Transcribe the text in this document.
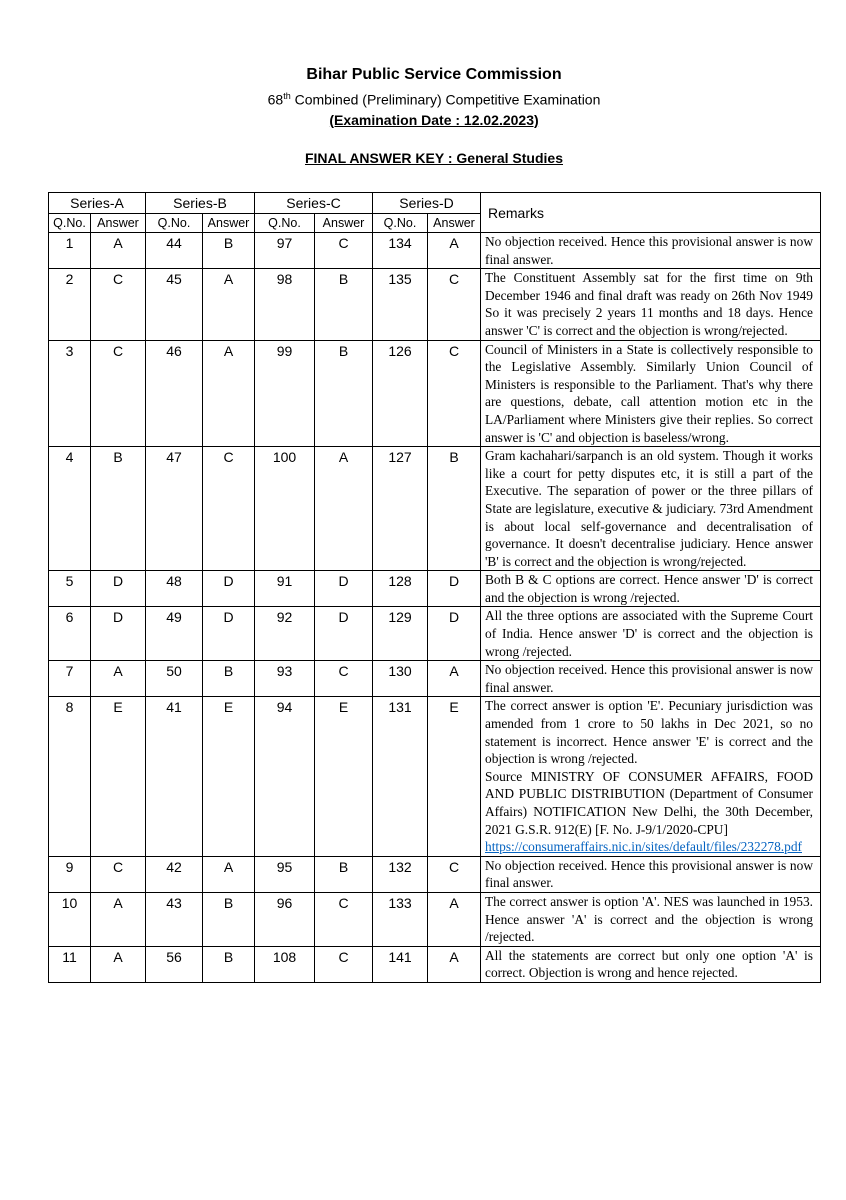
Bihar Public Service Commission
68th Combined (Preliminary) Competitive Examination
(Examination Date : 12.02.2023)
FINAL ANSWER KEY : General Studies
Series-A		Series-B		Series-C		Series-D		Remarks
Q.No.	Answer	Q.No.	Answer	Q.No.	Answer	Q.No.	Answer	
1	A	44	B	97	C	134	A	No objection received. Hence this provisional answer is now final answer.
2	C	45	A	98	B	135	C	The Constituent Assembly sat for the first time on 9th December 1946 and final draft was ready on 26th Nov 1949 So it was precisely 2 years 11 months and 18 days. Hence answer 'C' is correct and the objection is wrong/rejected.
3	C	46	A	99	B	126	C	Council of Ministers in a State is collectively responsible to the Legislative Assembly. Similarly Union Council of Ministers is responsible to the Parliament. That's why there are questions, debate, call attention motion etc in the LA/Parliament where Ministers give their replies. So correct answer is 'C' and objection is baseless/wrong.
4	B	47	C	100	A	127	B	Gram kachahari/sarpanch is an old system. Though it works like a court for petty disputes etc, it is still a part of the Executive. The separation of power or the three pillars of State are legislature, executive & judiciary. 73rd Amendment is about local self-governance and decentralisation of governance. It doesn't decentralise judiciary. Hence answer 'B' is correct and the objection is wrong/rejected.
5	D	48	D	91	D	128	D	Both B & C options are correct. Hence answer 'D' is correct and the objection is wrong /rejected.
6	D	49	D	92	D	129	D	All the three options are associated with the Supreme Court of India. Hence answer 'D' is correct and the objection is wrong /rejected.
7	A	50	B	93	C	130	A	No objection received. Hence this provisional answer is now final answer.
8	E	41	E	94	E	131	E	The correct answer is option 'E'. Pecuniary jurisdiction was amended from 1 crore to 50 lakhs in Dec 2021, so no statement is incorrect. Hence answer 'E' is correct and the objection is wrong /rejected.
Source MINISTRY OF CONSUMER AFFAIRS, FOOD AND PUBLIC DISTRIBUTION (Department of Consumer Affairs) NOTIFICATION New Delhi, the 30th December, 2021 G.S.R. 912(E) [F. No. J-9/1/2020-CPU]
https://consumeraffairs.nic.in/sites/default/files/232278.pdf

9	C	42	A	95	B	132	C	No objection received. Hence this provisional answer is now final answer.
10	A	43	B	96	C	133	A	The correct answer is option 'A'. NES was launched in 1953. Hence answer 'A' is correct and the objection is wrong /rejected.
11	A	56	B	108	C	141	A	All the statements are correct but only one option 'A' is correct. Objection is wrong and hence rejected.
